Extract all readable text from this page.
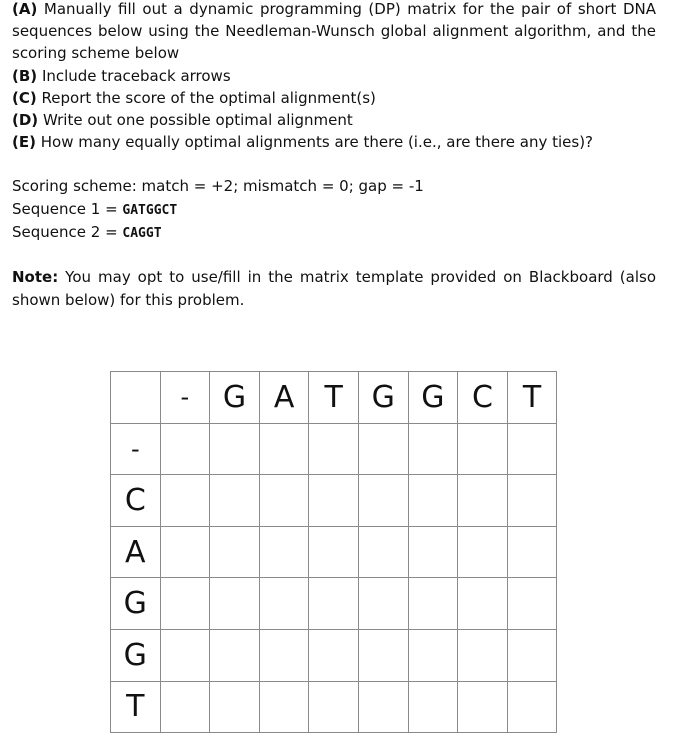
(A) Manually fill out a dynamic programming (DP) matrix for the pair of short DNA sequences below using the Needleman-Wunsch global alignment algorithm, and the scoring scheme below

(B) Include traceback arrows

(C) Report the score of the optimal alignment(s)

(D) Write out one possible optimal alignment

(E) How many equally optimal alignments are there (i.e., are there any ties)?

Scoring scheme: match = +2; mismatch = 0; gap = -1
Sequence 1 = GATGGCT
Sequence 2 = CAGGT
Note: You may opt to use/fill in the matrix template provided on Blackboard (also shown below) for this problem.
	-	G	A	T	G	G	C	T
-								
C								
A								
G								
G								
T								
